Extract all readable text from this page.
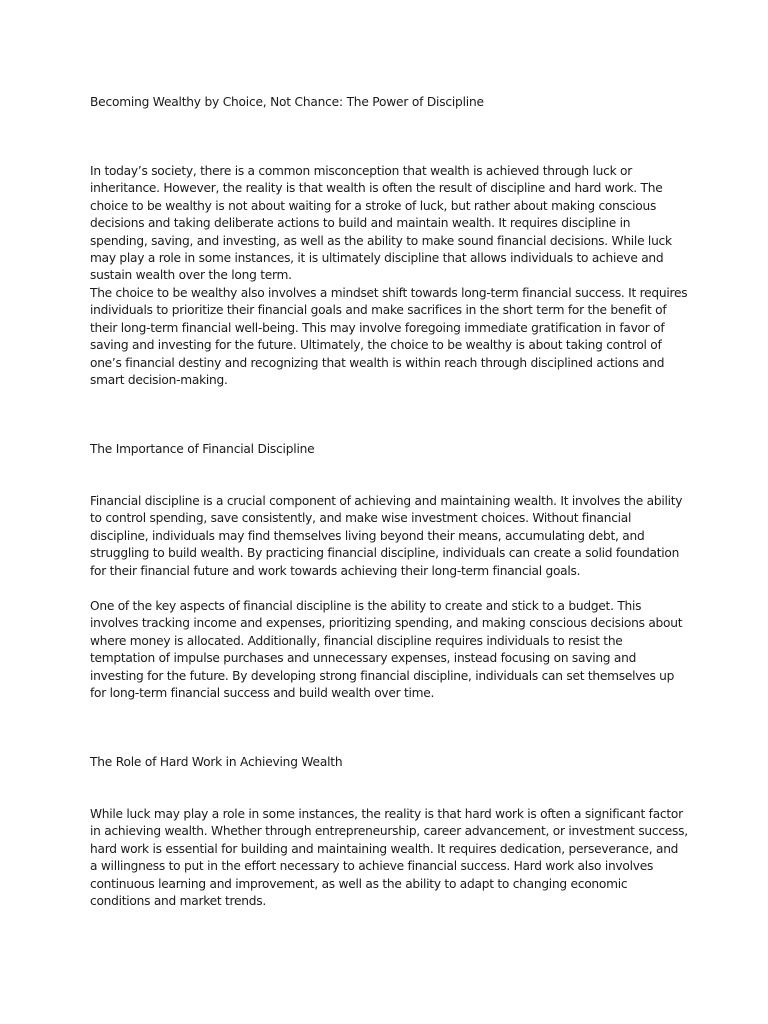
Becoming Wealthy by Choice, Not Chance: The Power of Discipline

In today’s society, there is a common misconception that wealth is achieved through luck or inheritance. However, the reality is that wealth is often the result of discipline and hard work. The choice to be wealthy is not about waiting for a stroke of luck, but rather about making conscious decisions and taking deliberate actions to build and maintain wealth. It requires discipline in spending, saving, and investing, as well as the ability to make sound financial decisions. While luck may play a role in some instances, it is ultimately discipline that allows individuals to achieve and sustain wealth over the long term.

The choice to be wealthy also involves a mindset shift towards long-term financial success. It requires individuals to prioritize their financial goals and make sacrifices in the short term for the benefit of their long-term financial well-being. This may involve foregoing immediate gratification in favor of saving and investing for the future. Ultimately, the choice to be wealthy is about taking control of one’s financial destiny and recognizing that wealth is within reach through disciplined actions and smart decision-making.

The Importance of Financial Discipline

Financial discipline is a crucial component of achieving and maintaining wealth. It involves the ability to control spending, save consistently, and make wise investment choices. Without financial discipline, individuals may find themselves living beyond their means, accumulating debt, and struggling to build wealth. By practicing financial discipline, individuals can create a solid foundation for their financial future and work towards achieving their long-term financial goals.

One of the key aspects of financial discipline is the ability to create and stick to a budget. This involves tracking income and expenses, prioritizing spending, and making conscious decisions about where money is allocated. Additionally, financial discipline requires individuals to resist the temptation of impulse purchases and unnecessary expenses, instead focusing on saving and investing for the future. By developing strong financial discipline, individuals can set themselves up for long-term financial success and build wealth over time.

The Role of Hard Work in Achieving Wealth

While luck may play a role in some instances, the reality is that hard work is often a significant factor in achieving wealth. Whether through entrepreneurship, career advancement, or investment success, hard work is essential for building and maintaining wealth. It requires dedication, perseverance, and a willingness to put in the effort necessary to achieve financial success. Hard work also involves continuous learning and improvement, as well as the ability to adapt to changing economic conditions and market trends.
